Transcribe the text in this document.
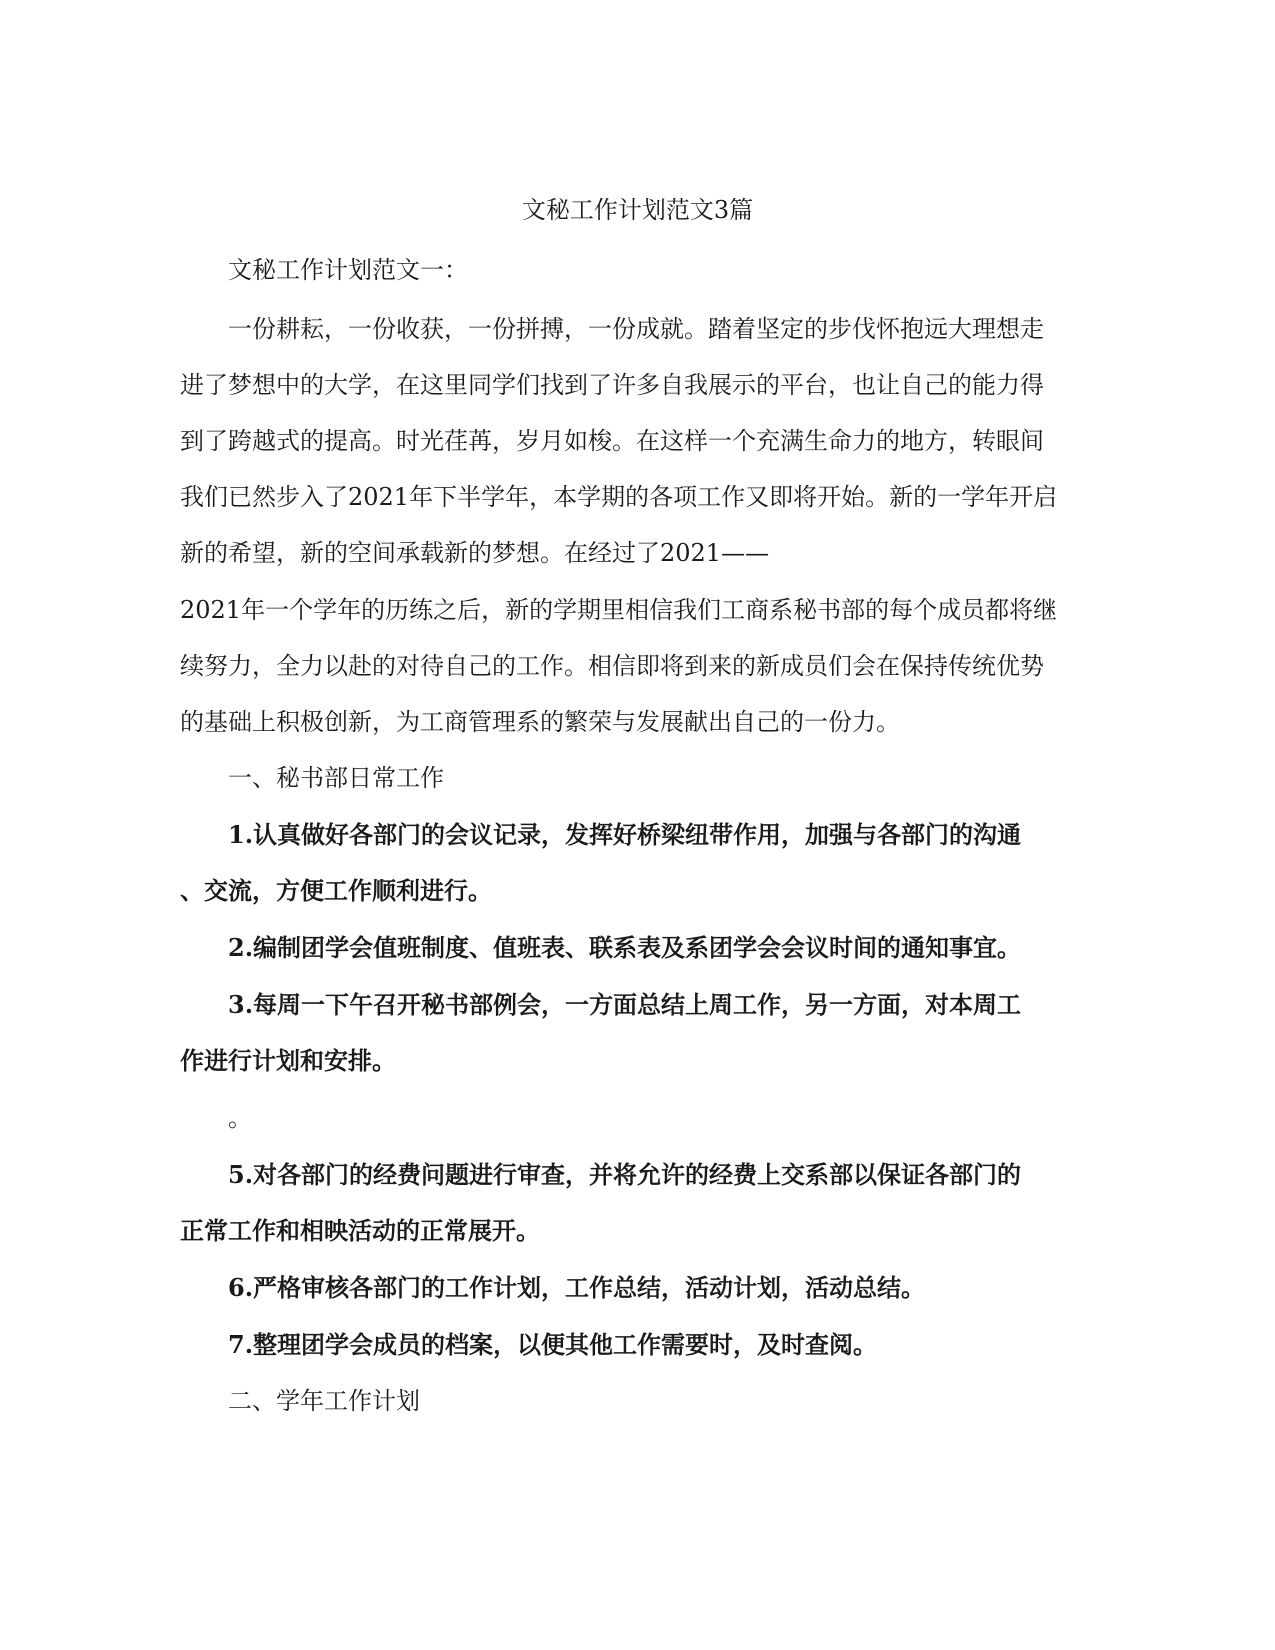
文秘工作计划范文3篇
文秘工作计划范文一：
一份耕耘，一份收获，一份拼搏，一份成就。踏着坚定的步伐怀抱远大理想走
进了梦想中的大学，在这里同学们找到了许多自我展示的平台，也让自己的能力得
到了跨越式的提高。时光荏苒，岁月如梭。在这样一个充满生命力的地方，转眼间
我们已然步入了2021年下半学年，本学期的各项工作又即将开始。新的一学年开启
新的希望，新的空间承载新的梦想。在经过了2021——
2021年一个学年的历练之后，新的学期里相信我们工商系秘书部的每个成员都将继
续努力，全力以赴的对待自己的工作。相信即将到来的新成员们会在保持传统优势
的基础上积极创新，为工商管理系的繁荣与发展献出自己的一份力。
一、秘书部日常工作
1.认真做好各部门的会议记录，发挥好桥梁纽带作用，加强与各部门的沟通
、交流，方便工作顺利进行。
2.编制团学会值班制度、值班表、联系表及系团学会会议时间的通知事宜。
3.每周一下午召开秘书部例会，一方面总结上周工作，另一方面，对本周工
作进行计划和安排。
。
5.对各部门的经费问题进行审查，并将允许的经费上交系部以保证各部门的
正常工作和相映活动的正常展开。
6.严格审核各部门的工作计划，工作总结，活动计划，活动总结。
7.整理团学会成员的档案，以便其他工作需要时，及时查阅。
二、学年工作计划
